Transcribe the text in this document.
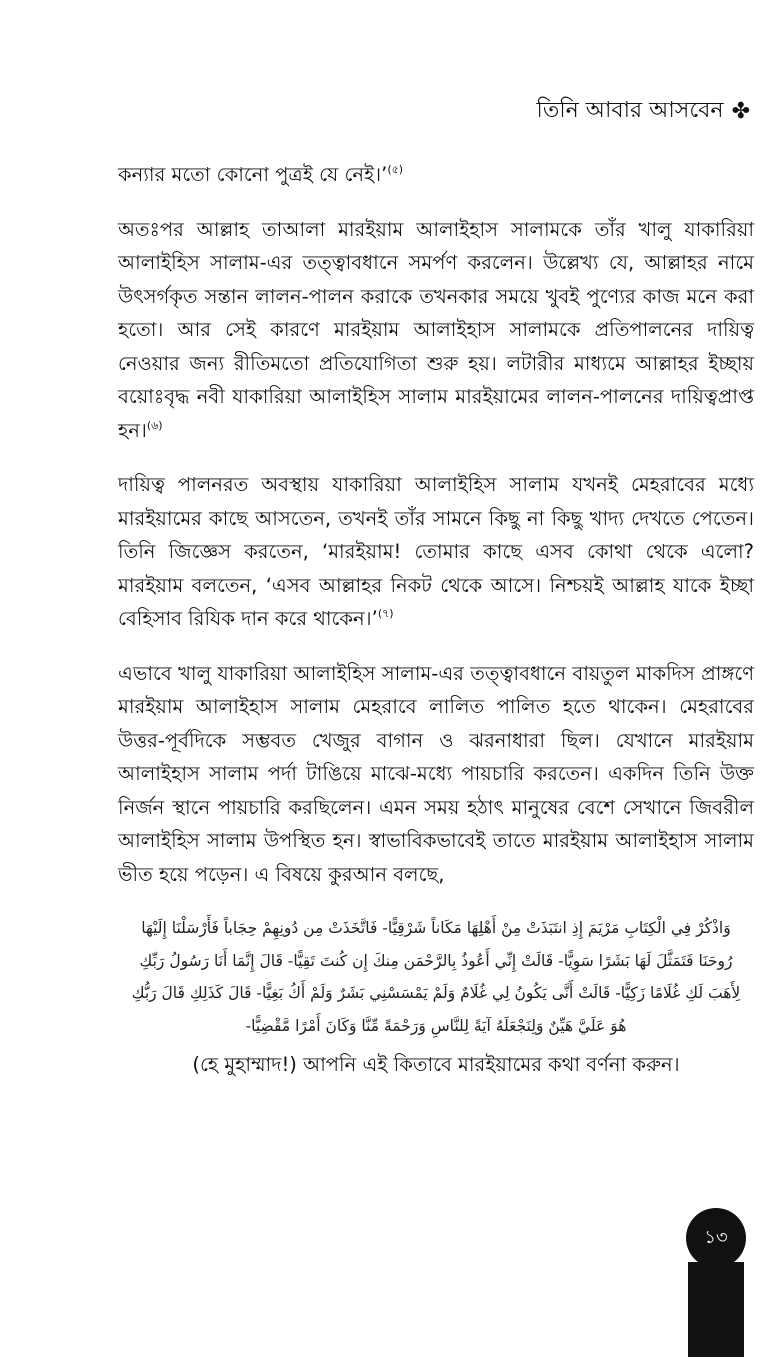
তিনি আবার আসবেন ✤

কন্যার মতো কোনো পুত্রই যে নেই।’$^{(৫)}$

অতঃপর আল্লাহ তাআলা মারইয়াম আলাইহাস সালামকে তাঁর খালু যাকারিয়া আলাইহিস সালাম-এর তত্ত্বাবধানে সমর্পণ করলেন। উল্লেখ্য যে, আল্লাহর নামে উৎসর্গকৃত সন্তান লালন-পালন করাকে তখনকার সময়ে খুবই পুণ্যের কাজ মনে করা হতো। আর সেই কারণে মারইয়াম আলাইহাস সালামকে প্রতিপালনের দায়িত্ব নেওয়ার জন্য রীতিমতো প্রতিযোগিতা শুরু হয়। লটারীর মাধ্যমে আল্লাহর ইচ্ছায় বয়োঃবৃদ্ধ নবী যাকারিয়া আলাইহিস সালাম মারইয়ামের লালন-পালনের দায়িত্বপ্রাপ্ত হন।$^{(৬)}$

দায়িত্ব পালনরত অবস্থায় যাকারিয়া আলাইহিস সালাম যখনই মেহরাবের মধ্যে মারইয়ামের কাছে আসতেন, তখনই তাঁর সামনে কিছু না কিছু খাদ্য দেখতে পেতেন। তিনি জিজ্ঞেস করতেন, ‘মারইয়াম! তোমার কাছে এসব কোথা থেকে এলো? মারইয়াম বলতেন, ‘এসব আল্লাহর নিকট থেকে আসে। নিশ্চয়ই আল্লাহ যাকে ইচ্ছা বেহিসাব রিযিক দান করে থাকেন।’$^{(৭)}$

এভাবে খালু যাকারিয়া আলাইহিস সালাম-এর তত্ত্বাবধানে বায়তুল মাকদিস প্রাঙ্গণে মারইয়াম আলাইহাস সালাম মেহরাবে লালিত পালিত হতে থাকেন। মেহরাবের উত্তর-পূর্বদিকে সম্ভবত খেজুর বাগান ও ঝরনাধারা ছিল। যেখানে মারইয়াম আলাইহাস সালাম পর্দা টাঙিয়ে মাঝে-মধ্যে পায়চারি করতেন। একদিন তিনি উক্ত নির্জন স্থানে পায়চারি করছিলেন। এমন সময় হঠাৎ মানুষের বেশে সেখানে জিবরীল আলাইহিস সালাম উপস্থিত হন। স্বাভাবিকভাবেই তাতে মারইয়াম আলাইহাস সালাম ভীত হয়ে পড়েন। এ বিষয়ে কুরআন বলছে,

وَاذْكُرْ فِي الْكِتَابِ مَرْيَمَ إِذِ انتَبَذَتْ مِنْ أَهْلِهَا مَكَاناً شَرْقِيًّا- فَاتَّخَذَتْ مِن دُونِهِمْ حِجَاباً فَأَرْسَلْنَا إِلَيْهَا رُوحَنَا فَتَمَثَّلَ لَهَا بَشَرًا سَوِيًّا- قَالَتْ إِنِّي أَعُوذُ بِالرَّحْمَن مِنكَ إِن كُنتَ تَقِيًّا- قَالَ إِنَّمَا أَنَا رَسُولُ رَبِّكِ لِأَهَبَ لَكِ غُلَامًا زَكِيًّا- قَالَتْ أَنَّى يَكُونُ لِي غُلَامٌ وَلَمْ يَمْسَسْنِي بَشَرٌ وَلَمْ أَكُ بَغِيًّا- قَالَ كَذَلِكِ قَالَ رَبُّكِ هُوَ عَلَيَّ هَيِّنٌ وَلِنَجْعَلَهُ آيَةً لِلنَّاسِ وَرَحْمَةً مِّنَّا وَكَانَ أَمْرًا مَّقْضِيًّا-

(হে মুহাম্মাদ!) আপনি এই কিতাবে মারইয়ামের কথা বর্ণনা করুন।

১৩
